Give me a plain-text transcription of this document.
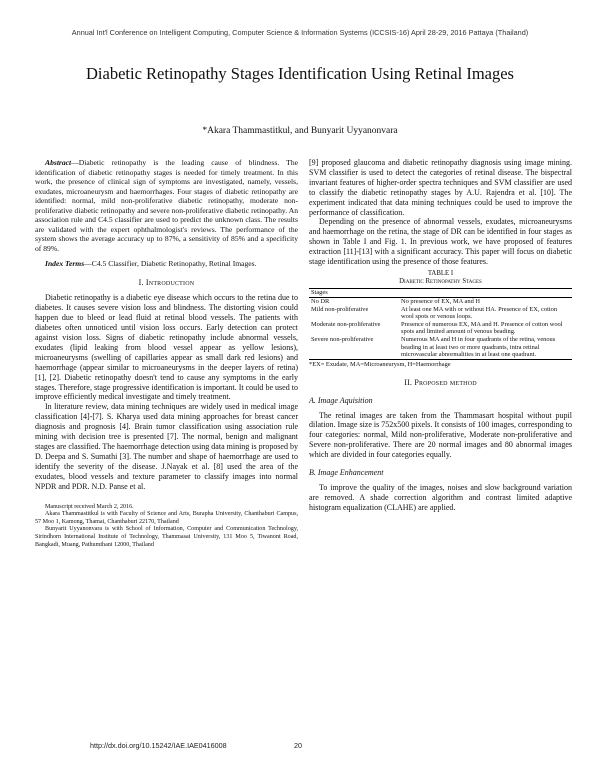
Annual Int'l Conference on Intelligent Computing, Computer Science & Information Systems (ICCSIS-16) April 28-29, 2016 Pattaya (Thailand)
Diabetic Retinopathy Stages Identification Using Retinal Images
*Akara Thammastitkul, and Bunyarit Uyyanonvara

Abstract—Diabetic retinopathy is the leading cause of blindness. The identification of diabetic retinopathy stages is needed for timely treatment. In this work, the presence of clinical sign of symptoms are investigated, namely, vessels, exudates, microaneurysm and haemorrhages. Four stages of diabetic retinopathy are identified: normal, mild non-proliferative diabetic retinopathy, moderate non-proliferative diabetic retinopathy and severe non-proliferative diabetic retinopathy. An association rule and C4.5 classifier are used to predict the unknown class. The results are validated with the expert ophthalmologist's reviews. The performance of the system shows the average accuracy up to 87%, a sensitivity of 85% and a specificity of 89%.

Index Terms—C4.5 Classifier, Diabetic Retinopathy, Retinal Images.

I. Introduction

Diabetic retinopathy is a diabetic eye disease which occurs to the retina due to diabetes. It causes severe vision loss and blindness. The distorting vision could happen due to bleed or lead fluid at retinal blood vessels. The patients with diabetes often unnoticed until vision loss occurs. Early detection can protect against vision loss. Signs of diabetic retinopathy include abnormal vessels, exudates (lipid leaking from blood vessel appear as yellow lesions), microaneurysms (swelling of capillaries appear as small dark red lesions) and haemorrhage (appear similar to microaneurysms in the deeper layers of retina) [1], [2]. Diabetic retinopathy doesn't tend to cause any symptoms in the early stages. Therefore, stage progressive identification is important. It could be used to improve efficiently medical investigate and timely treatment.

In literature review, data mining techniques are widely used in medical image classification [4]-[7]. S. Kharya used data mining approaches for breast cancer diagnosis and prognosis [4]. Brain tumor classification using association rule mining with decision tree is presented [7]. The normal, benign and malignant stages are classified. The haemorrhage detection using data mining is proposed by D. Deepa and S. Sumathi [3]. The number and shape of haemorrhage are used to identify the severity of the disease. J.Nayak et al. [8] used the area of the exudates, blood vessels and texture parameter to classify images into normal NPDR and PDR. N.D. Panse et al.

Manuscript received March 2, 2016.

Akara Thammastitkul is with Faculty of Science and Arts, Burapha University, Chanthaburi Campus, 57 Moo 1, Kamong, Thamai, Chanthaburi 22170, Thailand

Bunyarit Uyyanonvara is with School of Information, Computer and Communication Technology, Sirindhorn International Institute of Technology, Thammasat University, 131 Moo 5, Tiwanont Road, Bangkadi, Muang, Pathumthani 12000, Thailand

[9] proposed glaucoma and diabetic retinopathy diagnosis using image mining. SVM classifier is used to detect the categories of retinal disease. The bispectral invariant features of higher-order spectra techniques and SVM classifier are used to classify the diabetic retinopathy stages by A.U. Rajendra et al. [10]. The experiment indicated that data mining techniques could be used to improve the performance of classification.

Depending on the presence of abnormal vessels, exudates, microaneurysms and haemorrhage on the retina, the stage of DR can be identified in four stages as shown in Table I and Fig. 1. In previous work, we have proposed of features extraction [11]-[13] with a significant accuracy. This paper will focus on diabetic stage identification using the presence of those features.

TABLE I

Diabetic Retinopathy Stages

Stages	
No DR	No presence of EX, MA and H
Mild non-proliferative	At least one MA with or without HA. Presence of EX, cotton wool spots or venous loops.
Moderate non-proliferative	Presence of numerous EX, MA and H. Presence of cotton wool spots and limited amount of venous beading.
Severe non-proliferative	Numerous MA and H in four quadrants of the retina, venous beading in at least two or more quadrants, intra retinal microvascular abnormalities in at least one quadrant.

*EX= Exudate, MA=Microaneurysm, H=Haemorrhage

II. Proposed method

A. Image Aquisition

The retinal images are taken from the Thammasart hospital without pupil dilation. Image size is 752x500 pixels. It consists of 100 images, corresponding to four categories: normal, Mild non-proliferative, Moderate non-proliferative and Severe non-proliferative. There are 20 normal images and 80 abnormal images which are divided in four categories equally.

B. Image Enhancement

To improve the quality of the images, noises and slow background variation are removed. A shade correction algorithm and contrast limited adaptive histogram equalization (CLAHE) are applied.

http://dx.doi.org/10.15242/IAE.IAE0416008	20
